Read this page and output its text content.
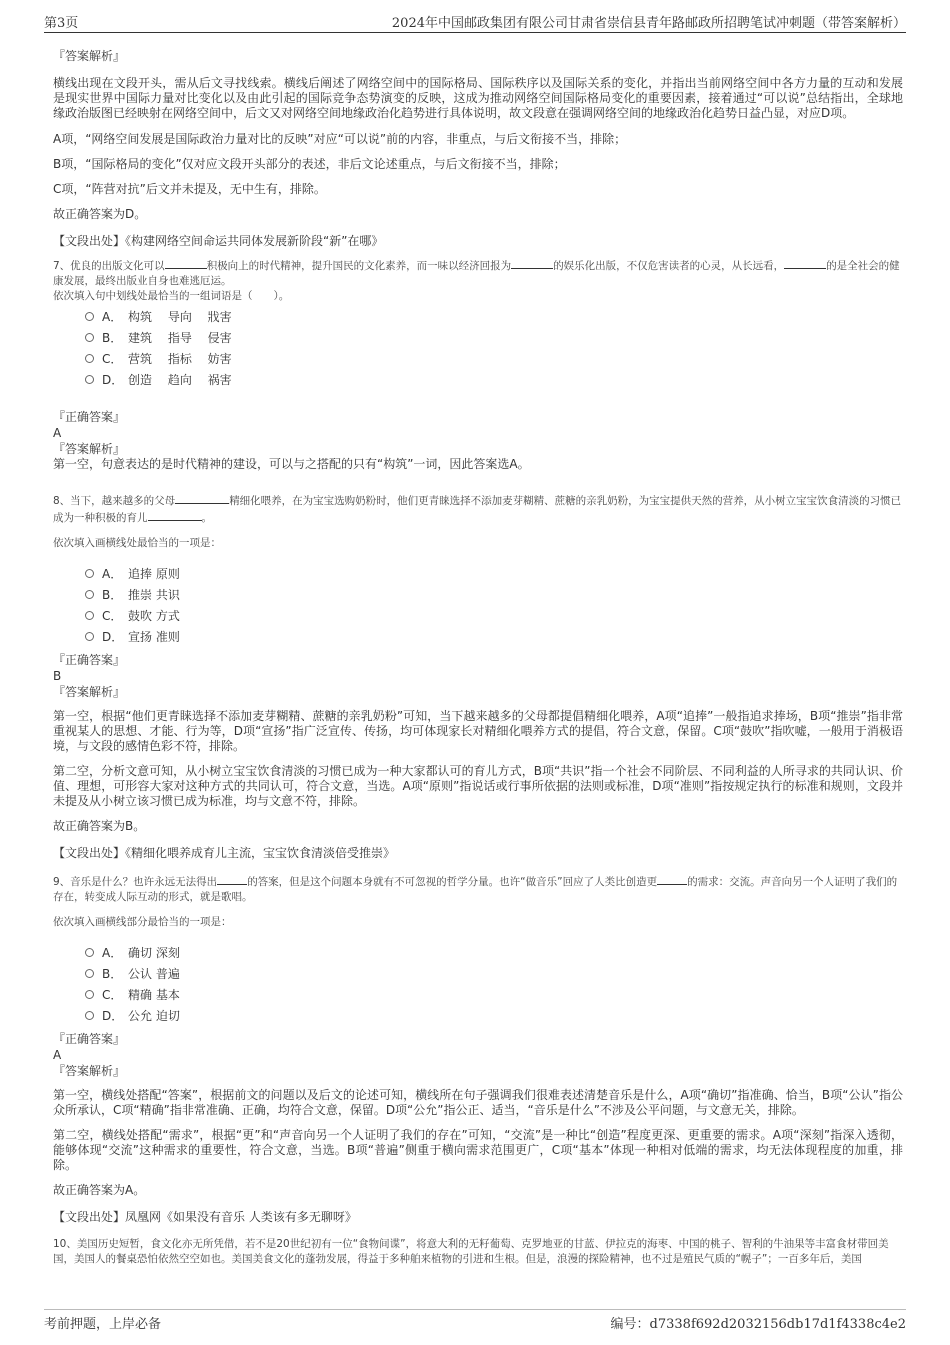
第3页	2024年中国邮政集团有限公司甘肃省崇信县青年路邮政所招聘笔试冲刺题（带答案解析）

『答案解析』

横线出现在文段开头，需从后文寻找线索。横线后阐述了网络空间中的国际格局、国际秩序以及国际关系的变化，并指出当前网络空间中各方力量的互动和发展是现实世界中国际力量对比变化以及由此引起的国际竞争态势演变的反映，这成为推动网络空间国际格局变化的重要因素，接着通过“可以说”总结指出，全球地缘政治版图已经映射在网络空间中，后文又对网络空间地缘政治化趋势进行具体说明，故文段意在强调网络空间的地缘政治化趋势日益凸显，对应D项。

A项，“网络空间发展是国际政治力量对比的反映”对应“可以说”前的内容，非重点，与后文衔接不当，排除；

B项，“国际格局的变化”仅对应文段开头部分的表述，非后文论述重点，与后文衔接不当，排除；

C项，“阵营对抗”后文并未提及，无中生有，排除。

故正确答案为D。

【文段出处】《构建网络空间命运共同体发展新阶段“新”在哪》

7、优良的出版文化可以	积极向上的时代精神，提升国民的文化素养，而一味以经济回报为	的娱乐化出版，不仅危害读者的心灵，从长远看，	的是全社会的健康发展，最终出版业自身也难逃厄运。

依次填入句中划线处最恰当的一组词语是（　　）。

A． 构筑　 导向　 戕害
B． 建筑　 指导　 侵害
C． 营筑　 指标　 妨害
D． 创造　 趋向　 祸害

『正确答案』

A

『答案解析』

第一空，句意表达的是时代精神的建设，可以与之搭配的只有“构筑”一词，因此答案选A。

8、当下，越来越多的父母	精细化喂养，在为宝宝选购奶粉时，他们更青睐选择不添加麦芽糊精、蔗糖的亲乳奶粉，为宝宝提供天然的营养，从小树立宝宝饮食清淡的习惯已成为一种积极的育儿	。

依次填入画横线处最恰当的一项是：

A． 追捧 原则
B． 推崇 共识
C． 鼓吹 方式
D． 宣扬 准则

『正确答案』

B

『答案解析』

第一空，根据“他们更青睐选择不添加麦芽糊精、蔗糖的亲乳奶粉”可知，当下越来越多的父母都提倡精细化喂养，A项“追捧”一般指追求捧场，B项“推崇”指非常重视某人的思想、才能、行为等，D项“宣扬”指广泛宣传、传扬，均可体现家长对精细化喂养方式的提倡，符合文意，保留。C项“鼓吹”指吹嘘，一般用于消极语境，与文段的感情色彩不符，排除。

第二空，分析文意可知，从小树立宝宝饮食清淡的习惯已成为一种大家都认可的育儿方式，B项“共识”指一个社会不同阶层、不同利益的人所寻求的共同认识、价值、理想，可形容大家对这种方式的共同认可，符合文意，当选。A项“原则”指说话或行事所依据的法则或标准，D项“准则”指按规定执行的标准和规则，文段并未提及从小树立该习惯已成为标准，均与文意不符，排除。

故正确答案为B。

【文段出处】《精细化喂养成育儿主流，宝宝饮食清淡倍受推崇》

9、音乐是什么？也许永远无法得出	的答案，但是这个问题本身就有不可忽视的哲学分量。也许“做音乐”回应了人类比创造更	的需求：交流。声音向另一个人证明了我们的存在，转变成人际互动的形式，就是歌唱。

依次填入画横线部分最恰当的一项是：

A． 确切 深刻
B． 公认 普遍
C． 精确 基本
D． 公允 迫切

『正确答案』

A

『答案解析』

第一空，横线处搭配“答案”，根据前文的问题以及后文的论述可知，横线所在句子强调我们很难表述清楚音乐是什么，A项“确切”指准确、恰当，B项“公认”指公众所承认，C项“精确”指非常准确、正确，均符合文意，保留。D项“公允”指公正、适当，“音乐是什么”不涉及公平问题，与文意无关，排除。

第二空，横线处搭配“需求”，根据“更”和“声音向另一个人证明了我们的存在”可知，“交流”是一种比“创造”程度更深、更重要的需求。A项“深刻”指深入透彻，能够体现“交流”这种需求的重要性，符合文意，当选。B项“普遍”侧重于横向需求范围更广，C项“基本”体现一种相对低端的需求，均无法体现程度的加重，排除。

故正确答案为A。

【文段出处】凤凰网《如果没有音乐 人类该有多无聊呀》

10、美国历史短暂，食文化亦无所凭借，若不是20世纪初有一位“食物间谍”，将意大利的无籽葡萄、克罗地亚的甘蓝、伊拉克的海枣、中国的桃子、智利的牛油果等丰富食材带回美国，美国人的餐桌恐怕依然空空如也。美国美食文化的蓬勃发展，得益于多种舶来植物的引进和生根。但是，浪漫的探险精神，也不过是殖民气质的“幌子”；一百多年后，美国

考前押题，上岸必备	编号：d7338f692d2032156db17d1f4338c4e2
